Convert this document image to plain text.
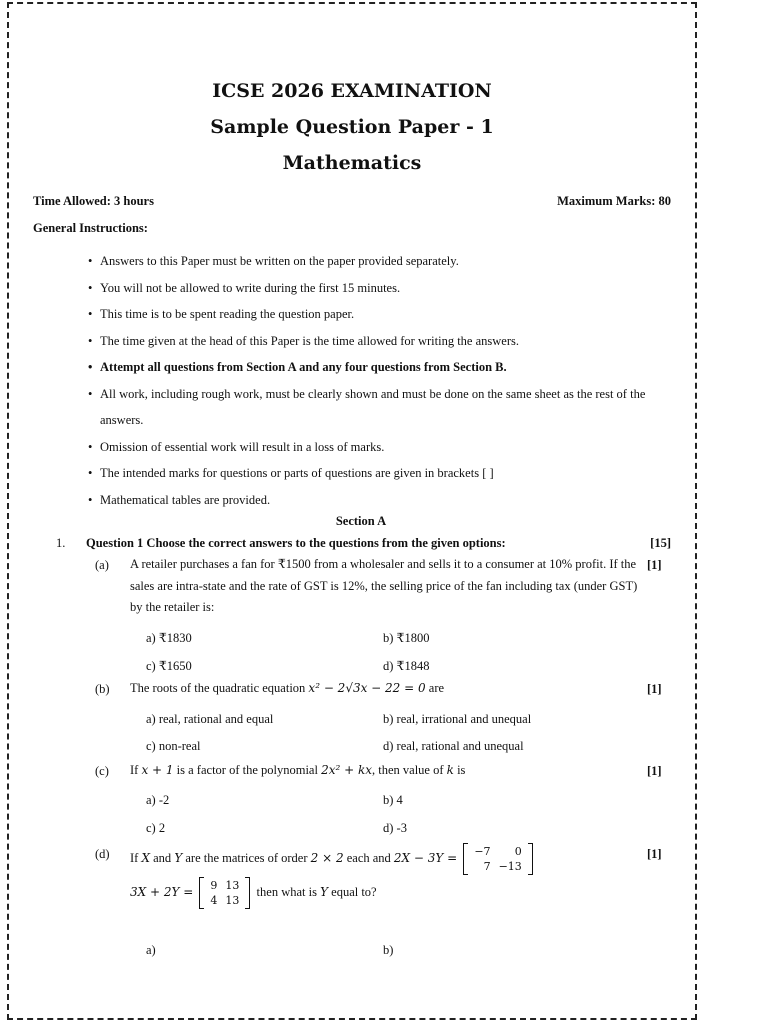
ICSE 2026 EXAMINATION
Sample Question Paper - 1
Mathematics
Time Allowed: 3 hours	Maximum Marks: 80
General Instructions:
• Answers to this Paper must be written on the paper provided separately.
• You will not be allowed to write during the first 15 minutes.
• This time is to be spent reading the question paper.
• The time given at the head of this Paper is the time allowed for writing the answers.
• Attempt all questions from Section A and any four questions from Section B.
• All work, including rough work, must be clearly shown and must be done on the same sheet as the rest of the answers.
• Omission of essential work will result in a loss of marks.
• The intended marks for questions or parts of questions are given in brackets [ ]
• Mathematical tables are provided.
Section A
1. Question 1 Choose the correct answers to the questions from the given options:	[15]
(a) A retailer purchases a fan for ₹1500 from a wholesaler and sells it to a consumer at 10% profit. If the sales are intra-state and the rate of GST is 12%, the selling price of the fan including tax (under GST) by the retailer is:
[1]
a) ₹1830	b) ₹1800
c) ₹1650	d) ₹1848
(b) The roots of the quadratic equation x² − 2√3x − 22 = 0 are	[1]
a) real, rational and equal	b) real, irrational and unequal
c) non-real	d) real, rational and unequal
(c) If x + 1 is a factor of the polynomial 2x² + kx, then value of k is	[1]
a) -2	b) 4
c) 2	d) -3
(d) If X and Y are the matrices of order 2 × 2 each and 2X − 3Y = −7	0
7	−13
3X + 2Y = 9	13
4	13
then what is Y equal to?
[1]
a)	b)
